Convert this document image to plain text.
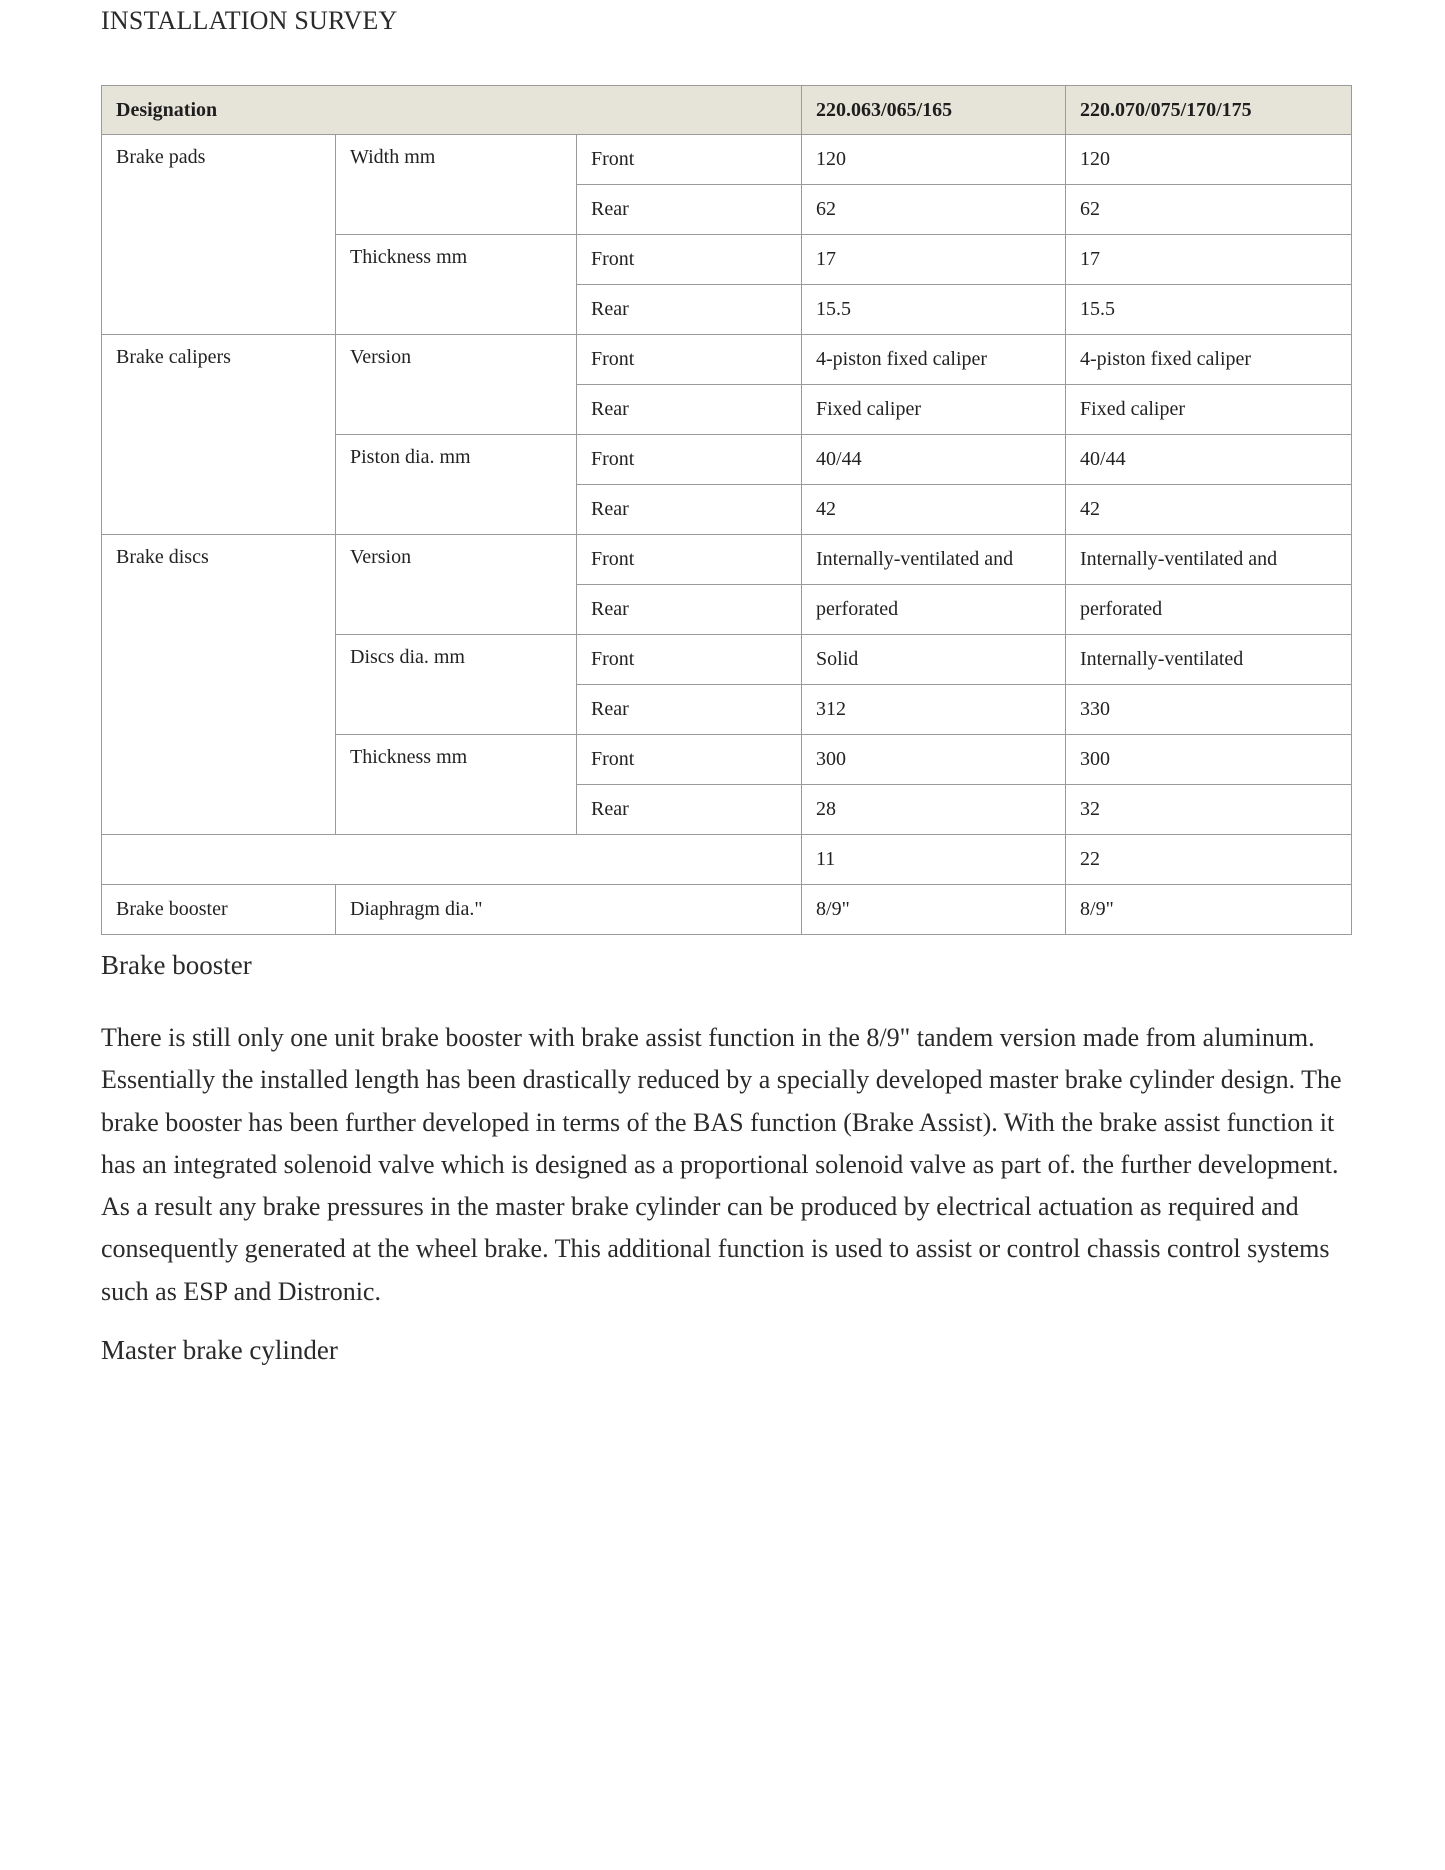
INSTALLATION SURVEY
Designation			220.063/065/165	220.070/075/170/175
Brake pads	Width mm	Front	120	120
		Rear	62	62
	Thickness mm	Front	17	17
		Rear	15.5	15.5
Brake calipers	Version	Front	4-piston fixed caliper	4-piston fixed caliper
		Rear	Fixed caliper	Fixed caliper
	Piston dia. mm	Front	40/44	40/44
		Rear	42	42
Brake discs	Version	Front	Internally-ventilated and	Internally-ventilated and
		Rear	perforated	perforated
	Discs dia. mm	Front	Solid	Internally-ventilated
		Rear	312	330
	Thickness mm	Front	300	300
		Rear	28	32
			11	22
Brake booster	Diaphragm dia."		8/9"	8/9"
Brake booster

There is still only one unit brake booster with brake assist function in the 8/9" tandem version made from aluminum. Essentially the installed length has been drastically reduced by a specially developed master brake cylinder design. The brake booster has been further developed in terms of the BAS function (Brake Assist). With the brake assist function it has an integrated solenoid valve which is designed as a proportional solenoid valve as part of. the further development. As a result any brake pressures in the master brake cylinder can be produced by electrical actuation as required and consequently generated at the wheel brake. This additional function is used to assist or control chassis control systems such as ESP and Distronic.

Master brake cylinder
